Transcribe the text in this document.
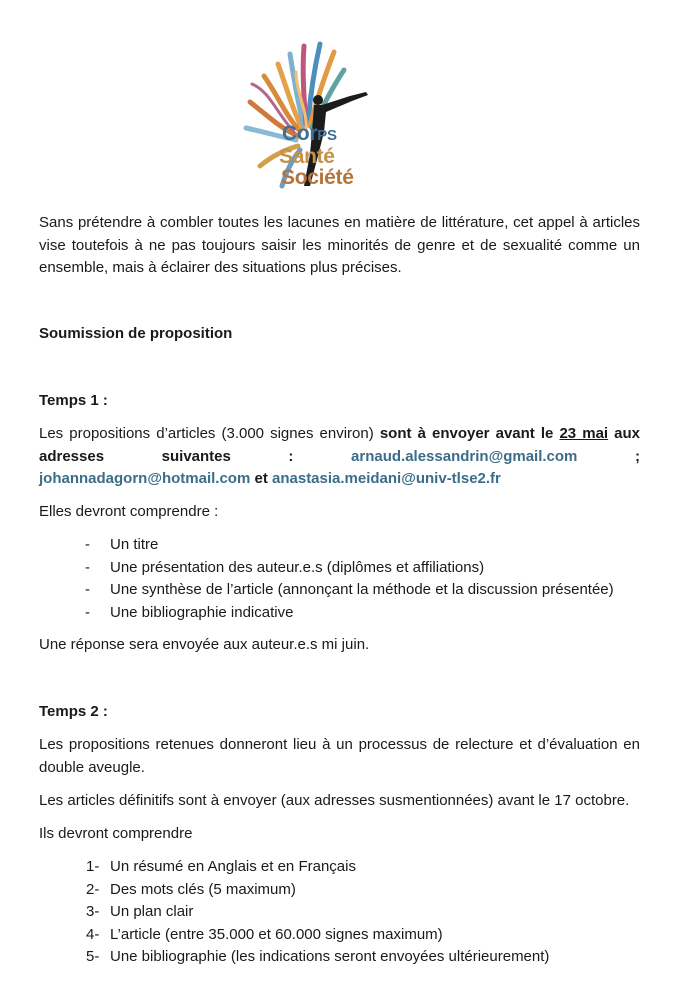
CorPS
Santé
Société

Sans prétendre à combler toutes les lacunes en matière de littérature, cet appel à articles vise toutefois à ne pas toujours saisir les minorités de genre et de sexualité comme un ensemble, mais à éclairer des situations plus précises.

Soumission de proposition

Temps 1 :

Les propositions d’articles (3.000 signes environ) sont à envoyer avant le 23 mai aux adresses suivantes :	arnaud.alessandrin@gmail.com ; johannadagorn@hotmail.com et anastasia.meidani@univ-tlse2.fr

Elles devront comprendre :

- Un titre
- Une présentation des auteur.e.s (diplômes et affiliations)
- Une synthèse de l’article (annonçant la méthode et la discussion présentée)
- Une bibliographie indicative

Une réponse sera envoyée aux auteur.e.s mi juin.

Temps 2 :

Les propositions retenues donneront lieu à un processus de relecture et d’évaluation en double aveugle.

Les articles définitifs sont à envoyer (aux adresses susmentionnées) avant le 17 octobre.

Ils devront comprendre

1- Un résumé en Anglais et en Français
2- Des mots clés (5 maximum)
3- Un plan clair
4- L’article (entre 35.000 et 60.000 signes maximum)
5- Une bibliographie (les indications seront envoyées ultérieurement)
